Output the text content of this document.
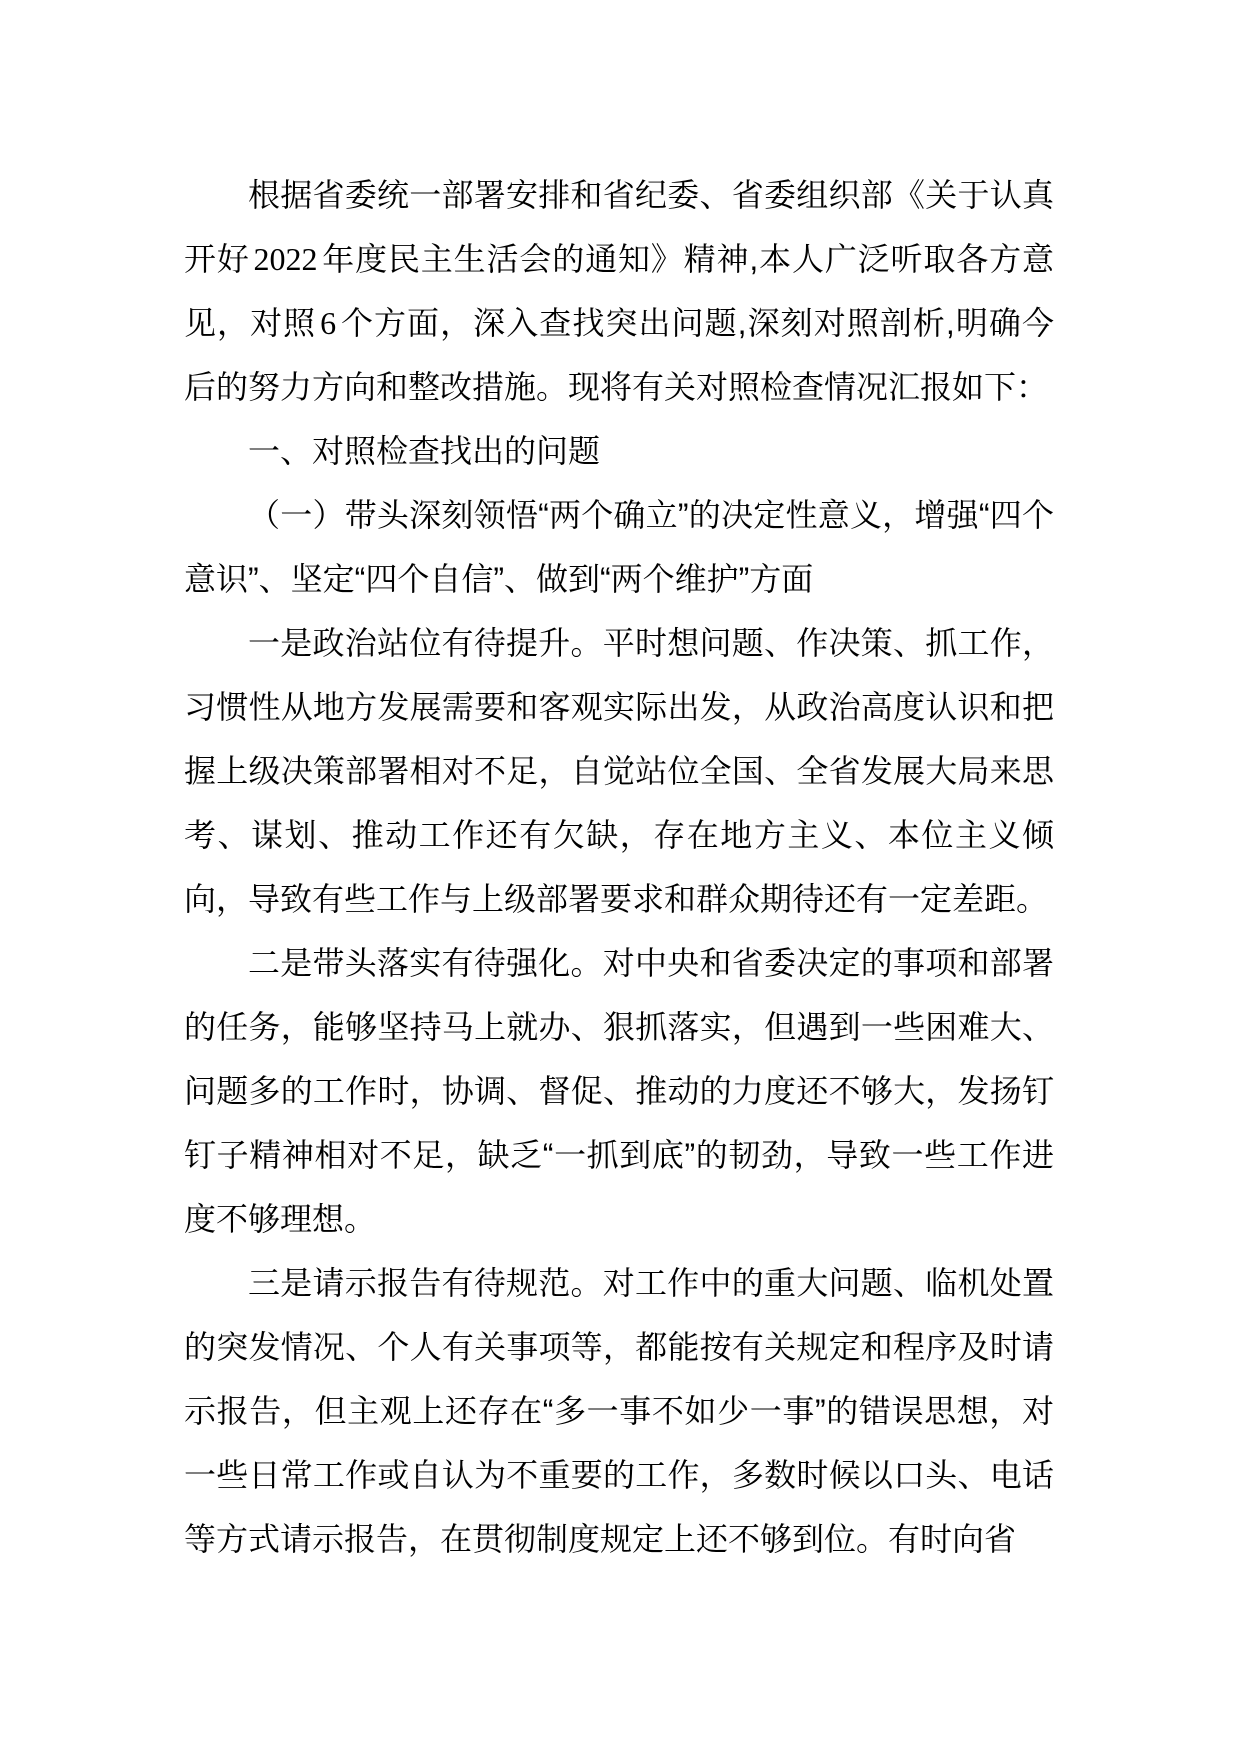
根据省委统一部署安排和省纪委、省委组织部《关于认真开好 2022 年度民主生活会的通知》精神,本人广泛听取各方意见，对照 6 个方面，深入查找突出问题,深刻对照剖析,明确今后的努力方向和整改措施。现将有关对照检查情况汇报如下：

一、对照检查找出的问题

（一）带头深刻领悟“两个确立”的决定性意义，增强“四个意识”、坚定“四个自信”、做到“两个维护”方面

一是政治站位有待提升。平时想问题、作决策、抓工作，习惯性从地方发展需要和客观实际出发，从政治高度认识和把握上级决策部署相对不足，自觉站位全国、全省发展大局来思考、谋划、推动工作还有欠缺，存在地方主义、本位主义倾向，导致有些工作与上级部署要求和群众期待还有一定差距。

二是带头落实有待强化。对中央和省委决定的事项和部署的任务，能够坚持马上就办、狠抓落实，但遇到一些困难大、问题多的工作时，协调、督促、推动的力度还不够大，发扬钉钉子精神相对不足，缺乏“一抓到底”的韧劲，导致一些工作进度不够理想。

三是请示报告有待规范。对工作中的重大问题、临机处置的突发情况、个人有关事项等，都能按有关规定和程序及时请示报告，但主观上还存在“多一事不如少一事”的错误思想，对一些日常工作或自认为不重要的工作，多数时候以口头、电话等方式请示报告，在贯彻制度规定上还不够到位。有时向省
